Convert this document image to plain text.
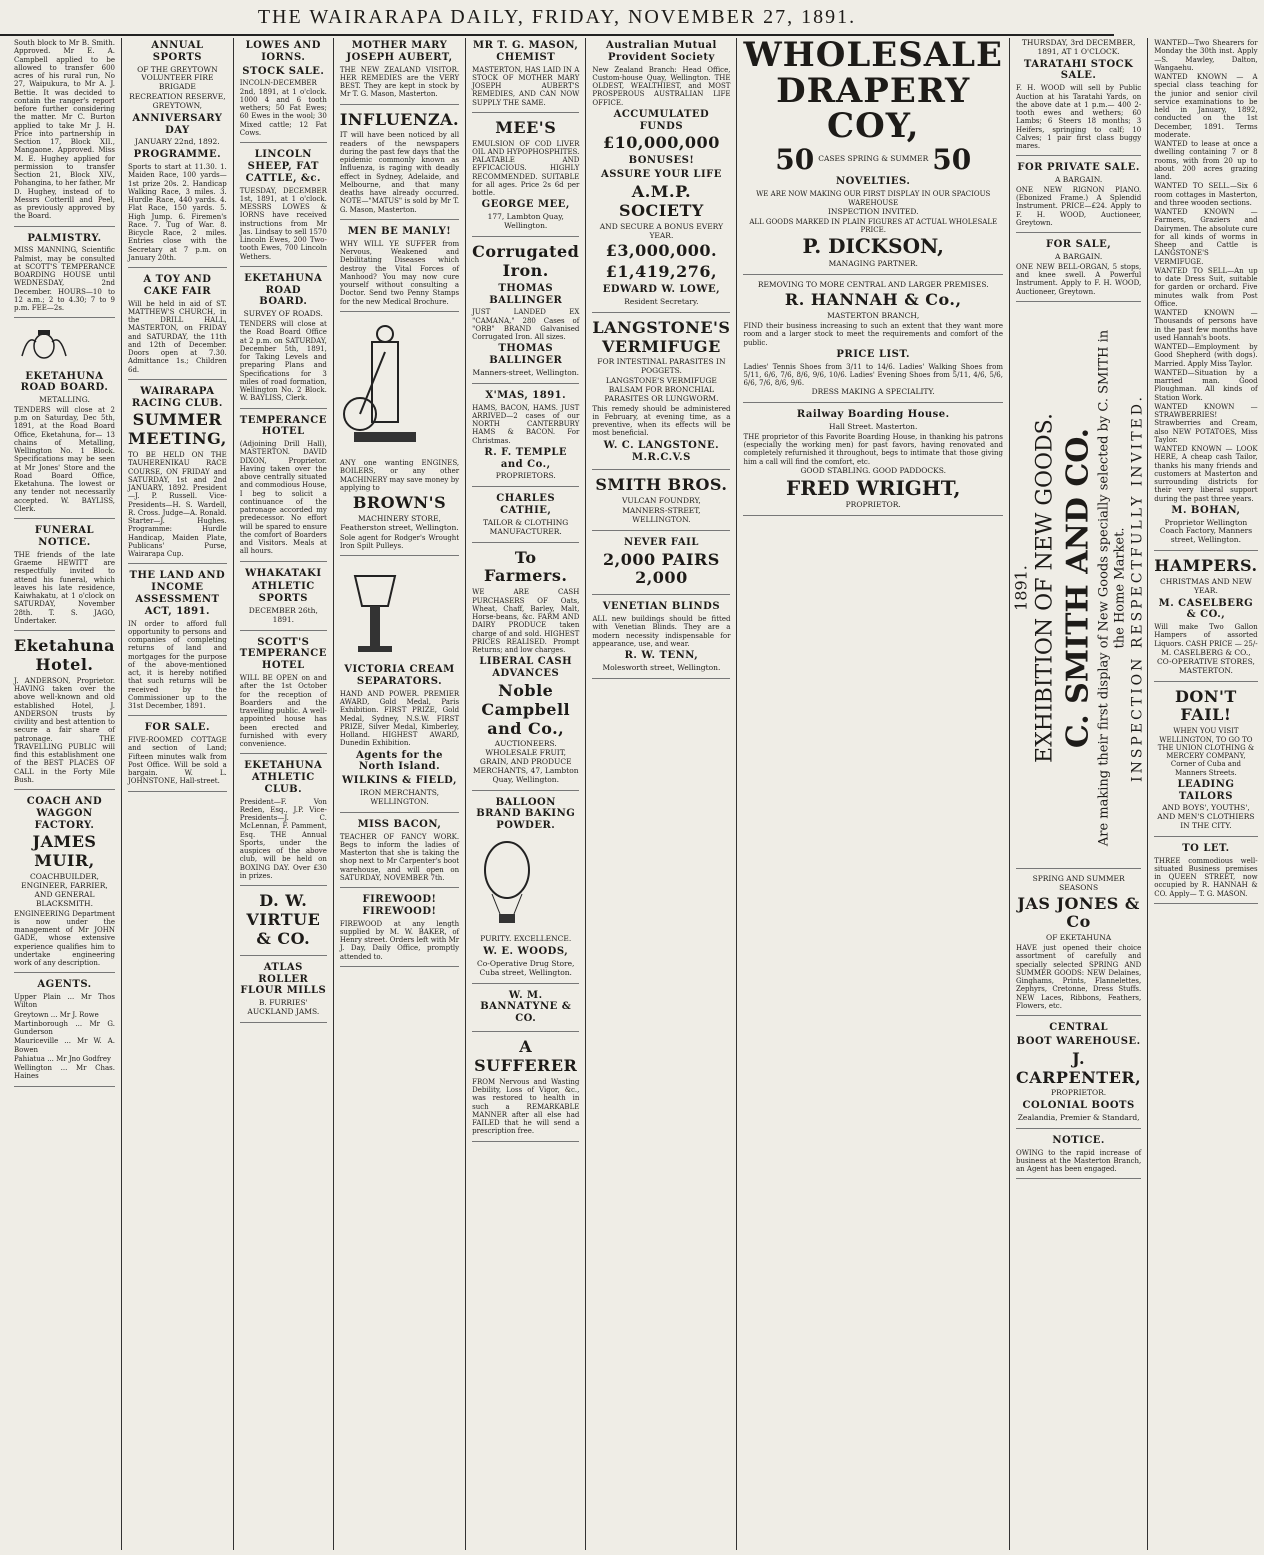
THE WAIRARAPA DAILY, FRIDAY, NOVEMBER 27, 1891.
South block to Mr B. Smith. Approved. Mr E. A. Campbell applied to be allowed to transfer 600 acres of his rural run, No 27, Waipukura, to Mr A. J. Bettie. It was decided to contain the ranger's report before further considering the matter. Mr C. Burton applied to take Mr J. H. Price into partnership in Section 17, Block XII., Mangaone. Approved. Miss M. E. Hughey applied for permission to transfer Section 21, Block XIV., Pohangina, to her father, Mr D. Hughey, instead of to Messrs Cotterill and Peel, as previously approved by the Board.
PALMISTRY.
MISS MANNING, Scientific Palmist, may be consulted at SCOTT'S TEMPERANCE BOARDING HOUSE until WEDNESDAY, 2nd December. HOURS—10 to 12 a.m.; 2 to 4.30; 7 to 9 p.m. FEE—2s.
EKETAHUNA ROAD BOARD.
METALLING.
TENDERS will close at 2 p.m on Saturday, Dec 5th, 1891, at the Road Board Office, Eketahuna, for— 13 chains of Metalling, Wellington No. 1 Block. Specifications may be seen at Mr Jones' Store and the Road Board Office, Eketahuna. The lowest or any tender not necessarily accepted. W. BAYLISS, Clerk.
FUNERAL NOTICE.
THE friends of the late Graeme HEWITT are respectfully invited to attend his funeral, which leaves his late residence, Kaiwhakatu, at 1 o'clock on SATURDAY, November 28th. T. S. JAGO, Undertaker.
Eketahuna Hotel.
J. ANDERSON, Proprietor. HAVING taken over the above well-known and old established Hotel, J. ANDERSON trusts by civility and best attention to secure a fair share of patronage. THE TRAVELLING PUBLIC will find this establishment one of the BEST PLACES OF CALL in the Forty Mile Bush.
COACH AND WAGGON FACTORY.
JAMES MUIR,
COACHBUILDER, ENGINEER, FARRIER, AND GENERAL BLACKSMITH.
ENGINEERING Department is now under the management of Mr JOHN GADE, whose extensive experience qualifies him to undertake engineering work of any description.
AGENTS.
Upper Plain ... Mr Thos Wilton
Greytown ... Mr J. Rowe
Martinborough ... Mr G. Gunderson
Mauriceville ... Mr W. A. Bowen
Pahiatua ... Mr Jno Godfrey
Wellington ... Mr Chas. Haines
ANNUAL SPORTS
OF THE GREYTOWN VOLUNTEER FIRE BRIGADE
RECREATION RESERVE, GREYTOWN,
ANNIVERSARY DAY
JANUARY 22nd, 1892.
PROGRAMME.
Sports to start at 11.30. 1. Maiden Race, 100 yards—1st prize 20s. 2. Handicap Walking Race, 3 miles. 3. Hurdle Race, 440 yards. 4. Flat Race, 150 yards. 5. High Jump. 6. Firemen's Race. 7. Tug of War. 8. Bicycle Race, 2 miles. Entries close with the Secretary at 7 p.m. on January 20th.
A TOY AND CAKE FAIR
Will be held in aid of ST. MATTHEW'S CHURCH, in the DRILL HALL, MASTERTON, on FRIDAY and SATURDAY, the 11th and 12th of December. Doors open at 7.30. Admittance 1s.; Children 6d.
WAIRARAPA RACING CLUB.
SUMMER MEETING,
TO BE HELD ON THE TAUHERENIKAU RACE COURSE, ON FRIDAY and SATURDAY, 1st and 2nd JANUARY, 1892. President—J. P. Russell. Vice-Presidents—H. S. Wardell, R. Cross. Judge—A. Ronald. Starter—J. Hughes. Programme: Hurdle Handicap, Maiden Plate, Publicans' Purse, Wairarapa Cup.
THE LAND AND INCOME ASSESSMENT ACT, 1891.
IN order to afford full opportunity to persons and companies of completing returns of land and mortgages for the purpose of the above-mentioned act, it is hereby notified that such returns will be received by the Commissioner up to the 31st December, 1891.
FOR SALE.
FIVE-ROOMED COTTAGE and section of Land; Fifteen minutes walk from Post Office. Will be sold a bargain. W. L. JOHNSTONE, Hall-street.
LOWES AND IORNS.
STOCK SALE.
INCOLN-DECEMBER 2nd, 1891, at 1 o'clock. 1000 4 and 6 tooth wethers; 50 Fat Ewes; 60 Ewes in the wool; 30 Mixed cattle; 12 Fat Cows.
LINCOLN SHEEP, FAT CATTLE, &c.
TUESDAY, DECEMBER 1st, 1891, at 1 o'clock. MESSRS LOWES & IORNS have received instructions from Mr Jas. Lindsay to sell 1570 Lincoln Ewes, 200 Two-tooth Ewes, 700 Lincoln Wethers.
EKETAHUNA ROAD BOARD.
SURVEY OF ROADS.
TENDERS will close at the Road Board Office at 2 p.m. on SATURDAY, December 5th, 1891, for Taking Levels and preparing Plans and Specifications for 3 miles of road formation, Wellington No. 2 Block. W. BAYLISS, Clerk.
TEMPERANCE HOTEL
(Adjoining Drill Hall), MASTERTON. DAVID DIXON, Proprietor. Having taken over the above centrally situated and commodious House, I beg to solicit a continuance of the patronage accorded my predecessor. No effort will be spared to ensure the comfort of Boarders and Visitors. Meals at all hours.
WHAKATAKI
ATHLETIC SPORTS
DECEMBER 26th, 1891.
SCOTT'S TEMPERANCE HOTEL
WILL BE OPEN on and after the 1st October for the reception of Boarders and the travelling public. A well-appointed house has been erected and furnished with every convenience.
EKETAHUNA ATHLETIC CLUB.
President—F. Von Reden, Esq., J.P. Vice-Presidents—J. C. McLennan, F. Pamment, Esq. THE Annual Sports, under the auspices of the above club, will be held on BOXING DAY. Over £30 in prizes.
D. W. VIRTUE & CO.
ATLAS ROLLER FLOUR MILLS
B. FURRIES' AUCKLAND JAMS.
MOTHER MARY JOSEPH AUBERT,
THE NEW ZEALAND VISITOR. HER REMEDIES are the VERY BEST. They are kept in stock by Mr T. G. Mason, Masterton.
INFLUENZA.
IT will have been noticed by all readers of the newspapers during the past few days that the epidemic commonly known as Influenza, is raging with deadly effect in Sydney, Adelaide, and Melbourne, and that many deaths have already occurred. NOTE—"MATUS" is sold by Mr T. G. Mason, Masterton.
MEN BE MANLY!
WHY WILL YE SUFFER from Nervous, Weakened and Debilitating Diseases which destroy the Vital Forces of Manhood? You may now cure yourself without consulting a Doctor. Send two Penny Stamps for the new Medical Brochure.
ANY one wanting ENGINES, BOILERS, or any other MACHINERY may save money by applying to
BROWN'S
MACHINERY STORE, Featherston street, Wellington.
Sole agent for Rodger's Wrought Iron Spilt Pulleys.
VICTORIA CREAM SEPARATORS.
HAND AND POWER. PREMIER AWARD, Gold Medal, Paris Exhibition. FIRST PRIZE, Gold Medal, Sydney, N.S.W. FIRST PRIZE, Silver Medal, Kimberley, Holland. HIGHEST AWARD, Dunedin Exhibition.
Agents for the North Island.
WILKINS & FIELD,
IRON MERCHANTS, WELLINGTON.
MISS BACON,
TEACHER OF FANCY WORK. Begs to inform the ladies of Masterton that she is taking the shop next to Mr Carpenter's boot warehouse, and will open on SATURDAY, NOVEMBER 7th.
FIREWOOD! FIREWOOD!
FIREWOOD at any length supplied by M. W. BAKER, of Henry street. Orders left with Mr J. Day, Daily Office, promptly attended to.
MR T. G. MASON, CHEMIST
MASTERTON, HAS LAID IN A STOCK OF MOTHER MARY JOSEPH AUBERT'S REMEDIES, AND CAN NOW SUPPLY THE SAME.
MEE'S
EMULSION OF COD LIVER OIL AND HYPOPHOSPHITES. PALATABLE AND EFFICACIOUS. HIGHLY RECOMMENDED. SUITABLE for all ages. Price 2s 6d per bottle.
GEORGE MEE,
177, Lambton Quay, Wellington.
Corrugated Iron.
THOMAS BALLINGER
JUST LANDED EX "CAMANA," 280 Cases of "ORB" BRAND Galvanised Corrugated Iron. All sizes.
THOMAS BALLINGER
Manners-street, Wellington.
X'MAS, 1891.
HAMS, BACON, HAMS. JUST ARRIVED—2 cases of our NORTH CANTERBURY HAMS & BACON. For Christmas.
R. F. TEMPLE and Co.,
PROPRIETORS.
CHARLES CATHIE,
TAILOR & CLOTHING MANUFACTURER.
To Farmers.
WE ARE CASH PURCHASERS OF Oats, Wheat, Chaff, Barley, Malt, Horse-beans, &c. FARM AND DAIRY PRODUCE taken charge of and sold. HIGHEST PRICES REALISED. Prompt Returns; and low charges.
LIBERAL CASH ADVANCES
Noble Campbell and Co.,
AUCTIONEERS. WHOLESALE FRUIT, GRAIN, AND PRODUCE MERCHANTS, 47, Lambton Quay, Wellington.
BALLOON BRAND BAKING POWDER.
PURITY. EXCELLENCE.
W. E. WOODS,
Co-Operative Drug Store, Cuba street, Wellington.
W. M. BANNATYNE & CO.
A SUFFERER
FROM Nervous and Wasting Debility, Loss of Vigor, &c., was restored to health in such a REMARKABLE MANNER after all else had FAILED that he will send a prescription free.
Australian Mutual Provident Society
New Zealand Branch: Head Office, Custom-house Quay, Wellington. THE OLDEST, WEALTHIEST, and MOST PROSPEROUS AUSTRALIAN LIFE OFFICE.
ACCUMULATED FUNDS
£10,000,000
BONUSES!
ASSURE YOUR LIFE
A.M.P. SOCIETY
AND SECURE A BONUS EVERY YEAR.
£3,000,000.
£1,419,276,
EDWARD W. LOWE,
Resident Secretary.
LANGSTONE'S VERMIFUGE
FOR INTESTINAL PARASITES IN POGGETS.
LANGSTONE'S VERMIFUGE BALSAM FOR BRONCHIAL PARASITES OR LUNGWORM.
This remedy should be administered in February, at evening time, as a preventive, when its effects will be most beneficial.
W. C. LANGSTONE. M.R.C.V.S
SMITH BROS.
VULCAN FOUNDRY,
MANNERS-STREET, WELLINGTON.
NEVER FAIL
2,000 PAIRS 2,000
VENETIAN BLINDS
ALL new buildings should be fitted with Venetian Blinds. They are a modern necessity indispensable for appearance, use, and wear.
R. W. TENN,
Molesworth street, Wellington.
WHOLESALE
DRAPERY
COY,
50 CASES SPRING & SUMMER 50
NOVELTIES.
WE ARE NOW MAKING OUR FIRST DISPLAY IN OUR SPACIOUS WAREHOUSE
INSPECTION INVITED.
ALL GOODS MARKED IN PLAIN FIGURES AT ACTUAL WHOLESALE PRICE.
P. DICKSON,
MANAGING PARTNER.
REMOVING TO MORE CENTRAL AND LARGER PREMISES.
R. HANNAH & Co.,
MASTERTON BRANCH,
FIND their business increasing to such an extent that they want more room and a larger stock to meet the requirements and comfort of the public.
PRICE LIST.
Ladies' Tennis Shoes from 3/11 to 14/6. Ladies' Walking Shoes from 5/11, 6/6, 7/6, 8/6, 9/6, 10/6. Ladies' Evening Shoes from 5/11, 4/6, 5/6, 6/6, 7/6, 8/6, 9/6.
DRESS MAKING A SPECIALITY.
Railway Boarding House.
Hall Street. Masterton.
THE proprietor of this Favorite Boarding House, in thanking his patrons (especially the working men) for past favors, having renovated and completely refurnished it throughout, begs to intimate that those giving him a call will find the comfort, etc.
GOOD STABLING. GOOD PADDOCKS.
FRED WRIGHT,
PROPRIETOR.
THURSDAY, 3rd DECEMBER, 1891, AT 1 O'CLOCK.
TARATAHI STOCK SALE.
F. H. WOOD will sell by Public Auction at his Taratahi Yards, on the above date at 1 p.m.— 400 2-tooth ewes and wethers; 60 Lambs; 6 Steers 18 months; 3 Heifers, springing to calf; 10 Calves; 1 pair first class buggy mares.
FOR PRIVATE SALE.
A BARGAIN.
ONE NEW RIGNON PIANO. (Ebonized Frame.) A Splendid Instrument. PRICE—£24. Apply to F. H. WOOD, Auctioneer, Greytown.
FOR SALE,
A BARGAIN.
ONE NEW BELL-ORGAN, 5 stops, and knee swell. A Powerful Instrument. Apply to F. H. WOOD, Auctioneer, Greytown.
1891. EXHIBITION OF NEW GOODS. C. SMITH AND CO. Are making their first display of New Goods specially selected by C. SMITH in the Home Market. INSPECTION RESPECTFULLY INVITED.
SPRING AND SUMMER SEASONS
JAS JONES & Co
OF EKETAHUNA
HAVE just opened their choice assortment of carefully and specially selected SPRING AND SUMMER GOODS: NEW Delaines, Ginghams, Prints, Flannelettes, Zephyrs, Cretonne, Dress Stuffs. NEW Laces, Ribbons, Feathers, Flowers, etc.
CENTRAL
BOOT WAREHOUSE.
J. CARPENTER,
PROPRIETOR.
COLONIAL BOOTS
Zealandia, Premier & Standard,
NOTICE.
OWING to the rapid increase of business at the Masterton Branch, an Agent has been engaged.
WANTED—Two Shearers for Monday the 30th inst. Apply—S. Mawley, Dalton, Wangaehu.
WANTED KNOWN — A special class teaching for the junior and senior civil service examinations to be held in January, 1892, conducted on the 1st December, 1891. Terms moderate.
WANTED to lease at once a dwelling containing 7 or 8 rooms, with from 20 up to about 200 acres grazing land.
WANTED TO SELL.—Six 6 room cottages in Masterton, and three wooden sections.
WANTED KNOWN — Farmers, Graziers and Dairymen. The absolute cure for all kinds of worms in Sheep and Cattle is LANGSTONE'S VERMIFUGE.
WANTED TO SELL—An up to date Dress Suit, suitable for garden or orchard. Five minutes walk from Post Office.
WANTED KNOWN — Thousands of persons have in the past few months have used Hannah's boots.
WANTED—Employment by Good Shepherd (with dogs). Married. Apply Miss Taylor.
WANTED—Situation by a married man. Good Ploughman. All kinds of Station Work.
WANTED KNOWN — STRAWBERRIES! Strawberries and Cream, also NEW POTATOES, Miss Taylor.
WANTED KNOWN — LOOK HERE, A cheap cash Tailor, thanks his many friends and customers at Masterton and surrounding districts for their very liberal support during the past three years.
M. BOHAN,
Proprietor Wellington Coach Factory, Manners street, Wellington.
HAMPERS.
CHRISTMAS AND NEW YEAR.
M. CASELBERG & CO.,
Will make Two Gallon Hampers of assorted Liquors. CASH PRICE — 25/-
M. CASELBERG & CO., CO-OPERATIVE STORES, MASTERTON.
DON'T FAIL!
WHEN YOU VISIT WELLINGTON, TO GO TO THE UNION CLOTHING & MERCERY COMPANY, Corner of Cuba and Manners Streets.
LEADING TAILORS
AND BOYS', YOUTHS', AND MEN'S CLOTHIERS IN THE CITY.
TO LET.
THREE commodious well-situated Business premises in QUEEN STREET, now occupied by R. HANNAH & CO. Apply— T. G. MASON.
